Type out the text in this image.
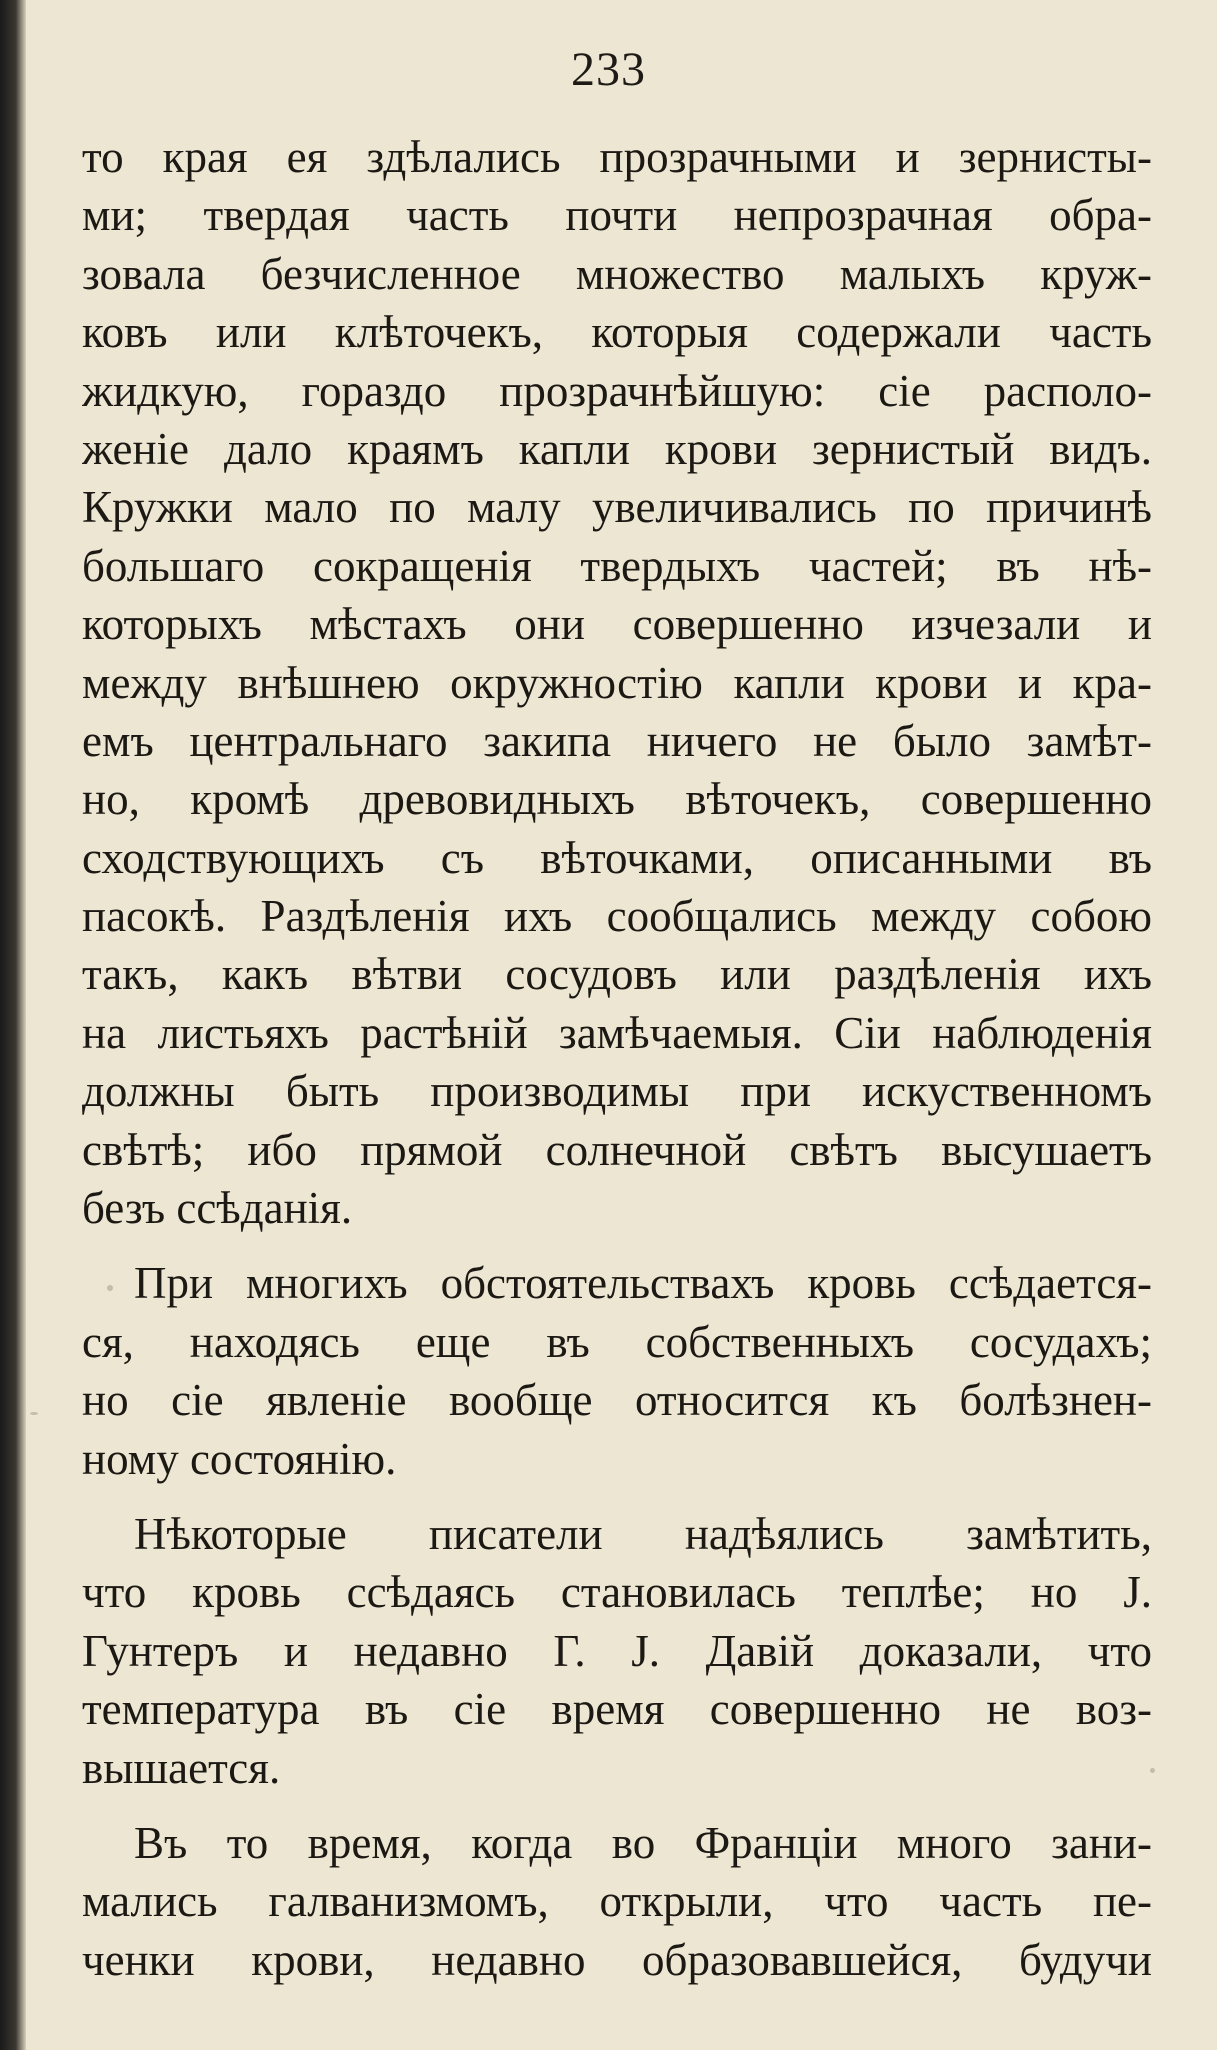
233
то края ея здѣлались прозрачными и зернисты-
ми; твердая часть почти непрозрачная обра-
зовала безчисленное множество малыхъ круж-
ковъ или клѣточекъ, которыя содержали часть
жидкую, гораздо прозрачнѣйшую: сіе располо-
женіе дало краямъ капли крови зернистый видъ.
Кружки мало по малу увеличивались по причинѣ
большаго сокращенія твердыхъ частей; въ нѣ-
которыхъ мѣстахъ они совершенно изчезали и
между внѣшнею окружностію капли крови и кра-
емъ центральнаго закипа ничего не было замѣт-
но, кромѣ древовидныхъ вѣточекъ, совершенно
сходствующихъ съ вѣточками, описанными въ
пасокѣ. Раздѣленія ихъ сообщались между собою
такъ, какъ вѣтви сосудовъ или раздѣленія ихъ
на листьяхъ растѣній замѣчаемыя. Сіи наблюденія
должны быть производимы при искуственномъ
свѣтѣ; ибо прямой солнечной свѣтъ высушаетъ
безъ ссѣданія.
При многихъ обстоятельствахъ кровь ссѣдается-
ся, находясь еще въ собственныхъ сосудахъ;
но сіе явленіе вообще относится къ болѣзнен-
ному состоянію.
Нѣкоторые писатели надѣялись замѣтить,
что кровь ссѣдаясь становилась теплѣе; но J.
Гунтеръ и недавно Г. J. Давій доказали, что
температура въ сіе время совершенно не воз-
вышается.
Въ то время, когда во Франціи много зани-
мались галванизмомъ, открыли, что часть пе-
ченки крови, недавно образовавшейся, будучи
